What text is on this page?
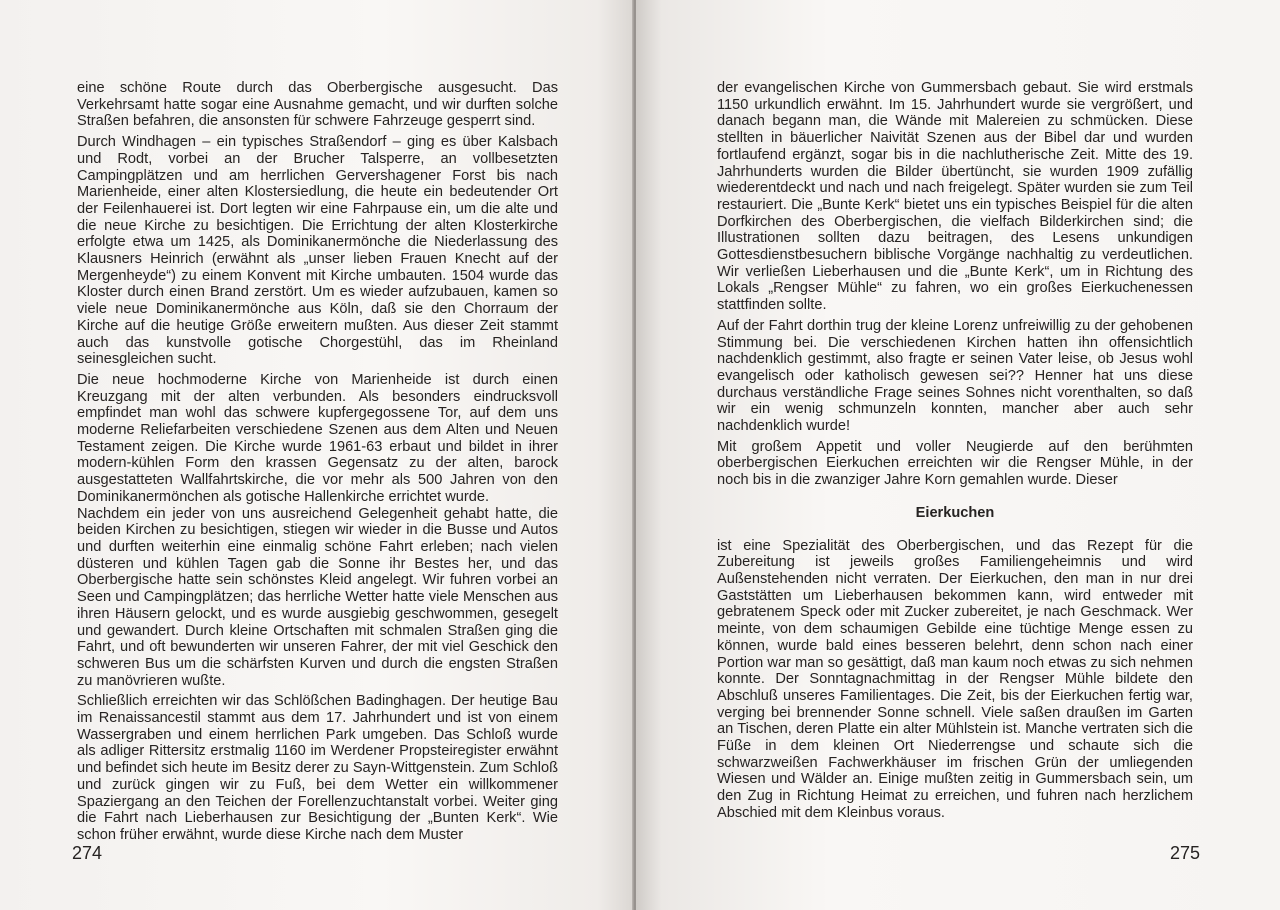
eine schöne Route durch das Oberbergische ausgesucht. Das Verkehrsamt hatte sogar eine Ausnahme gemacht, und wir durften solche Straßen befahren, die ansonsten für schwere Fahrzeuge gesperrt sind.

Durch Windhagen – ein typisches Straßendorf – ging es über Kalsbach und Rodt, vorbei an der Brucher Talsperre, an vollbesetzten Campingplätzen und am herrlichen Gervershagener Forst bis nach Marienheide, einer alten Klostersiedlung, die heute ein bedeutender Ort der Feilenhauerei ist. Dort legten wir eine Fahrpause ein, um die alte und die neue Kirche zu besichtigen. Die Errichtung der alten Klosterkirche erfolgte etwa um 1425, als Dominikanermönche die Niederlassung des Klausners Heinrich (erwähnt als „unser lieben Frauen Knecht auf der Mergenheyde“) zu einem Konvent mit Kirche umbauten. 1504 wurde das Kloster durch einen Brand zerstört. Um es wieder aufzubauen, kamen so viele neue Dominikanermönche aus Köln, daß sie den Chorraum der Kirche auf die heutige Größe erweitern mußten. Aus dieser Zeit stammt auch das kunstvolle gotische Chorgestühl, das im Rheinland seinesgleichen sucht.

Die neue hochmoderne Kirche von Marienheide ist durch einen Kreuzgang mit der alten verbunden. Als besonders eindrucksvoll empfindet man wohl das schwere kupfergegossene Tor, auf dem uns moderne Reliefarbeiten verschiedene Szenen aus dem Alten und Neuen Testament zeigen. Die Kirche wurde 1961-63 erbaut und bildet in ihrer modern-kühlen Form den krassen Gegensatz zu der alten, barock ausgestatteten Wallfahrtskirche, die vor mehr als 500 Jahren von den Dominikanermönchen als gotische Hallenkirche errichtet wurde.

Nachdem ein jeder von uns ausreichend Gelegenheit gehabt hatte, die beiden Kirchen zu besichtigen, stiegen wir wieder in die Busse und Autos und durften weiterhin eine einmalig schöne Fahrt erleben; nach vielen düsteren und kühlen Tagen gab die Sonne ihr Bestes her, und das Oberbergische hatte sein schönstes Kleid angelegt. Wir fuhren vorbei an Seen und Campingplätzen; das herrliche Wetter hatte viele Menschen aus ihren Häusern gelockt, und es wurde ausgiebig geschwommen, gesegelt und gewandert. Durch kleine Ortschaften mit schmalen Straßen ging die Fahrt, und oft bewunderten wir unseren Fahrer, der mit viel Geschick den schweren Bus um die schärfsten Kurven und durch die engsten Straßen zu manövrieren wußte.

Schließlich erreichten wir das Schlößchen Badinghagen. Der heutige Bau im Renaissancestil stammt aus dem 17. Jahrhundert und ist von einem Wassergraben und einem herrlichen Park umgeben. Das Schloß wurde als adliger Rittersitz erstmalig 1160 im Werdener Propsteiregister erwähnt und befindet sich heute im Besitz derer zu Sayn-Wittgenstein. Zum Schloß und zurück gingen wir zu Fuß, bei dem Wetter ein willkommener Spaziergang an den Teichen der Forellenzuchtanstalt vorbei. Weiter ging die Fahrt nach Lieberhausen zur Besichtigung der „Bunten Kerk“. Wie schon früher erwähnt, wurde diese Kirche nach dem Muster

274

der evangelischen Kirche von Gummersbach gebaut. Sie wird erstmals 1150 urkundlich erwähnt. Im 15. Jahrhundert wurde sie vergrößert, und danach begann man, die Wände mit Malereien zu schmücken. Diese stellten in bäuerlicher Naivität Szenen aus der Bibel dar und wurden fortlaufend ergänzt, sogar bis in die nachlutherische Zeit. Mitte des 19. Jahrhunderts wurden die Bilder übertüncht, sie wurden 1909 zufällig wiederentdeckt und nach und nach freigelegt. Später wurden sie zum Teil restauriert. Die „Bunte Kerk“ bietet uns ein typisches Beispiel für die alten Dorfkirchen des Oberbergischen, die vielfach Bilderkirchen sind; die Illustrationen sollten dazu beitragen, des Lesens unkundigen Gottesdienstbesuchern biblische Vorgänge nachhaltig zu verdeutlichen. Wir verließen Lieberhausen und die „Bunte Kerk“, um in Richtung des Lokals „Rengser Mühle“ zu fahren, wo ein großes Eierkuchenessen stattfinden sollte.

Auf der Fahrt dorthin trug der kleine Lorenz unfreiwillig zu der gehobenen Stimmung bei. Die verschiedenen Kirchen hatten ihn offensichtlich nachdenklich gestimmt, also fragte er seinen Vater leise, ob Jesus wohl evangelisch oder katholisch gewesen sei?? Henner hat uns diese durchaus verständliche Frage seines Sohnes nicht vorenthalten, so daß wir ein wenig schmunzeln konnten, mancher aber auch sehr nachdenklich wurde!

Mit großem Appetit und voller Neugierde auf den berühmten oberbergischen Eierkuchen erreichten wir die Rengser Mühle, in der noch bis in die zwanziger Jahre Korn gemahlen wurde. Dieser

Eierkuchen

ist eine Spezialität des Oberbergischen, und das Rezept für die Zubereitung ist jeweils großes Familiengeheimnis und wird Außenstehenden nicht verraten. Der Eierkuchen, den man in nur drei Gaststätten um Lieberhausen bekommen kann, wird entweder mit gebratenem Speck oder mit Zucker zubereitet, je nach Geschmack. Wer meinte, von dem schaumigen Gebilde eine tüchtige Menge essen zu können, wurde bald eines besseren belehrt, denn schon nach einer Portion war man so gesättigt, daß man kaum noch etwas zu sich nehmen konnte. Der Sonntagnachmittag in der Rengser Mühle bildete den Abschluß unseres Familientages. Die Zeit, bis der Eierkuchen fertig war, verging bei brennender Sonne schnell. Viele saßen draußen im Garten an Tischen, deren Platte ein alter Mühlstein ist. Manche vertraten sich die Füße in dem kleinen Ort Niederrengse und schaute sich die schwarzweißen Fachwerkhäuser im frischen Grün der umliegenden Wiesen und Wälder an. Einige mußten zeitig in Gummersbach sein, um den Zug in Richtung Heimat zu erreichen, und fuhren nach herzlichem Abschied mit dem Kleinbus voraus.

275
